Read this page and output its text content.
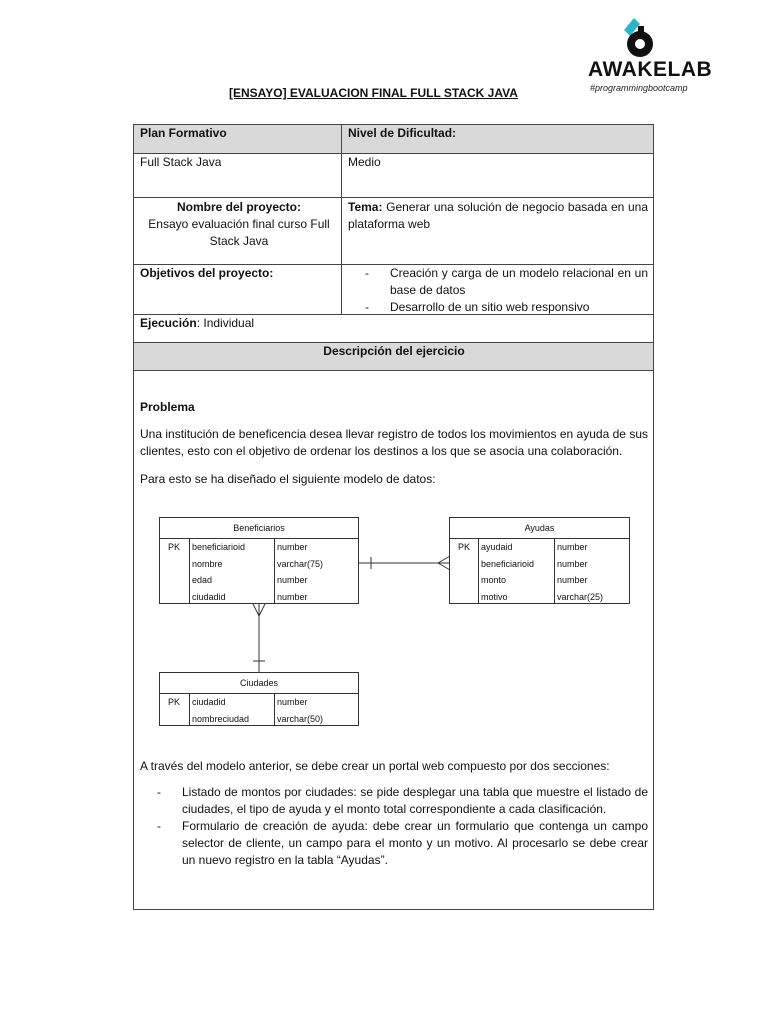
AWAKELAB
#programmingbootcamp
[ENSAYO] EVALUACION FINAL FULL STACK JAVA
Plan Formativo	Nivel de Dificultad:
Full Stack Java	Medio
Nombre del proyecto:
Ensayo evaluación final curso Full Stack Java
Tema: Generar una solución de negocio basada en una plataforma web
Objetivos del proyecto:
-	Creación y carga de un modelo relacional en un base de datos
- Desarrollo de un sitio web responsivo
Ejecución: Individual
Descripción del ejercicio
Problema
Una institución de beneficencia desea llevar registro de todos los movimientos en ayuda de sus clientes, esto con el objetivo de ordenar los destinos a los que se asocia una colaboración.
Para esto se ha diseñado el siguiente modelo de datos:
Beneficiarios
PK beneficiarioid	number
nombre	varchar(75)
edad	number
ciudadid	number
Ayudas
PK ayudaid	number
beneficiarioid	number
monto	number
motivo	varchar(25)
Ciudades
PK ciudadid	number
nombreciudad	varchar(50)
A través del modelo anterior, se debe crear un portal web compuesto por dos secciones:
- Listado de montos por ciudades: se pide desplegar una tabla que muestre el listado de ciudades, el tipo de ayuda y el monto total correspondiente a cada clasificación.
- Formulario de creación de ayuda: debe crear un formulario que contenga un campo selector de cliente, un campo para el monto y un motivo. Al procesarlo se debe crear un nuevo registro en la tabla “Ayudas”.
